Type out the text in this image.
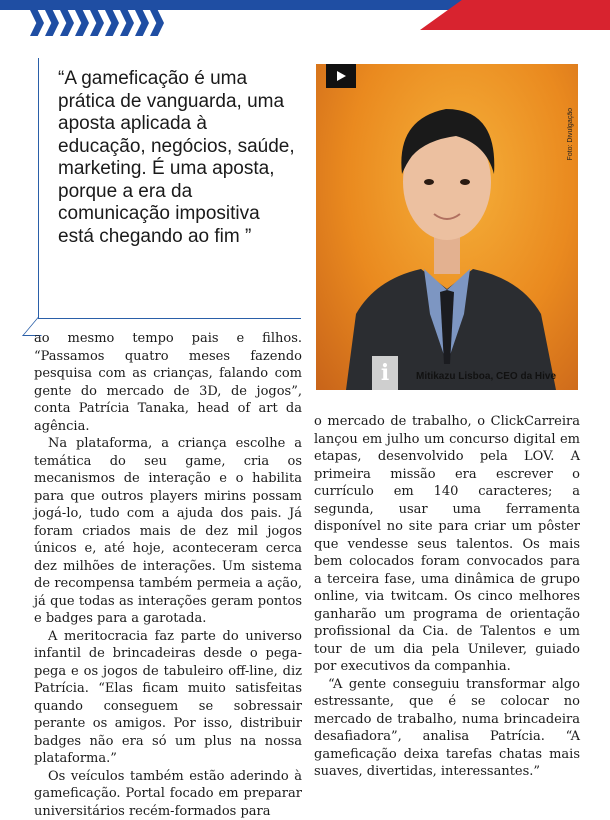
“A gameficação é uma prática de vanguarda, uma aposta aplicada à educação, negócios, saúde, marketing. É uma aposta, porque a era da comunicação impositiva está chegando ao fim ”
Foto: Divulgação
i	Mitikazu Lisboa, CEO da Hive

ao mesmo tempo pais e filhos. “Passamos quatro meses fazendo pesquisa com as crianças, falando com gente do mercado de 3D, de jogos”, conta Patrícia Tanaka, head of art da agência.

Na plataforma, a criança escolhe a temática do seu game, cria os mecanismos de interação e o habilita para que outros players mirins possam jogá-lo, tudo com a ajuda dos pais. Já foram criados mais de dez mil jogos únicos e, até hoje, aconteceram cerca dez milhões de interações. Um sistema de recompensa também permeia a ação, já que todas as interações geram pontos e badges para a garotada.

A meritocracia faz parte do universo infantil de brincadeiras desde o pega-pega e os jogos de tabuleiro off-line, diz Patrícia. “Elas ficam muito satisfeitas quando conseguem se sobressair perante os amigos. Por isso, distribuir badges não era só um plus na nossa plataforma.”

Os veículos também estão aderindo à gameficação. Portal focado em preparar universitários recém-formados para

o mercado de trabalho, o ClickCarreira lançou em julho um concurso digital em etapas, desenvolvido pela LOV. A primeira missão era escrever o currículo em 140 caracteres; a segunda, usar uma ferramenta disponível no site para criar um pôster que vendesse seus talentos. Os mais bem colocados foram convocados para a terceira fase, uma dinâmica de grupo online, via twitcam. Os cinco melhores ganharão um programa de orientação profissional da Cia. de Talentos e um tour de um dia pela Unilever, guiado por executivos da companhia.

“A gente conseguiu transformar algo estressante, que é se colocar no mercado de trabalho, numa brincadeira desafiadora”, analisa Patrícia. “A gameficação deixa tarefas chatas mais suaves, divertidas, interessantes.”
